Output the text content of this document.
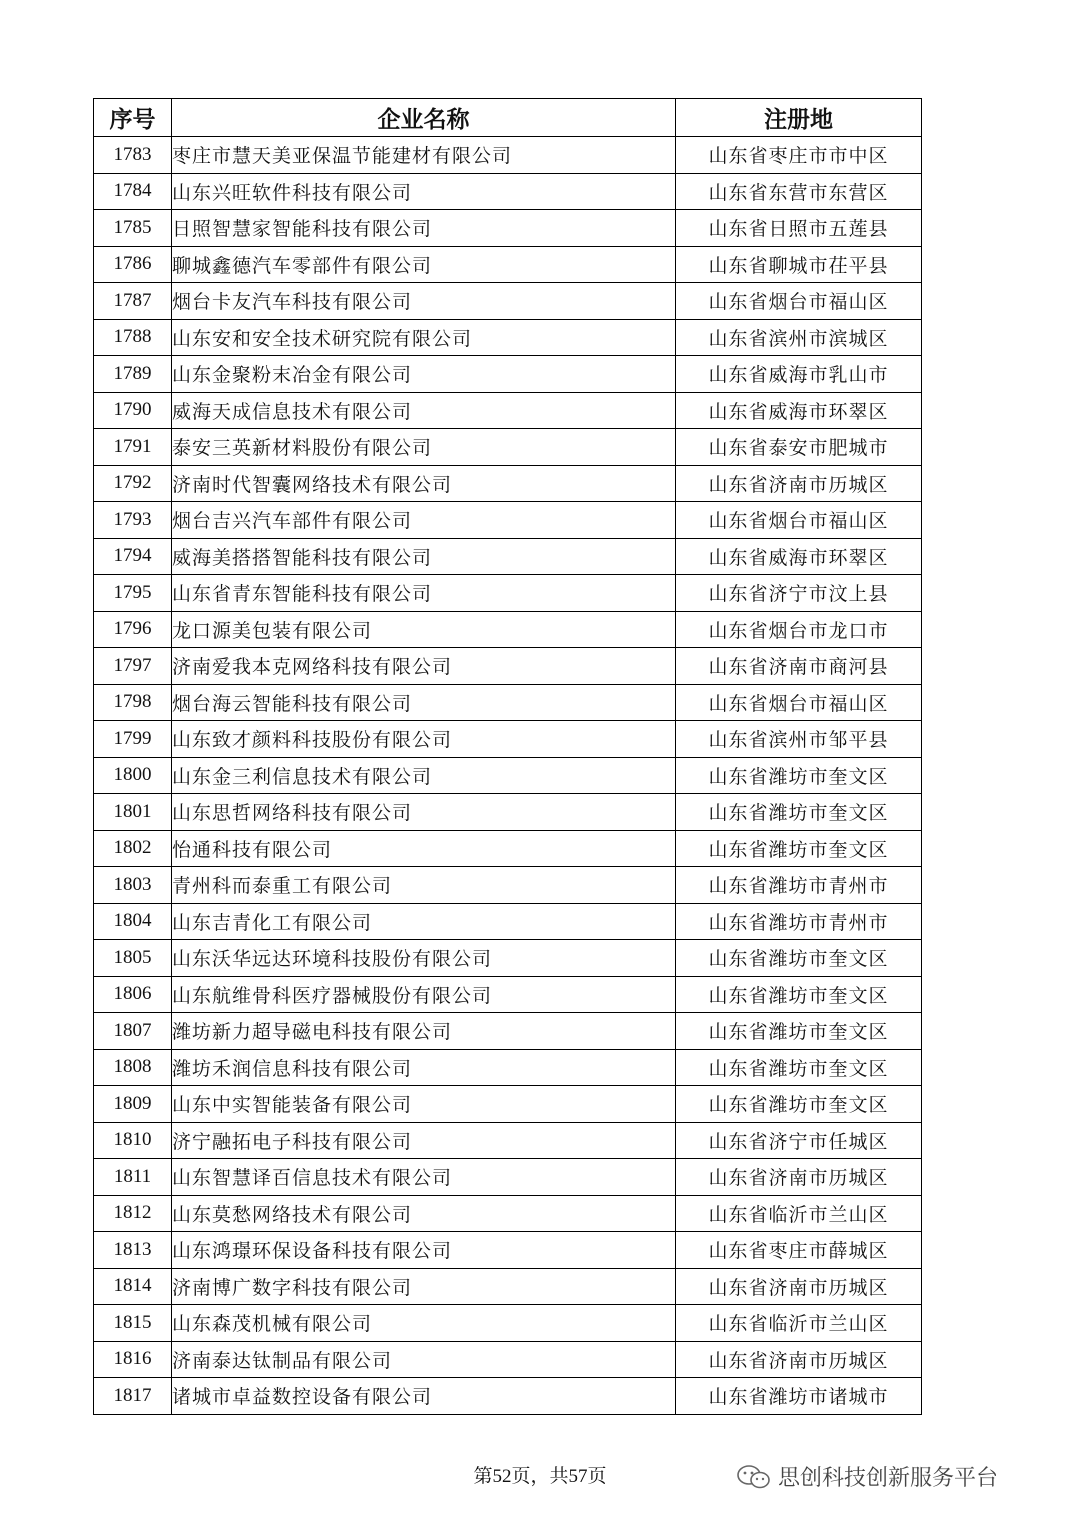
序号	企业名称	注册地
1783	枣庄市慧天美亚保温节能建材有限公司	山东省枣庄市市中区
1784	山东兴旺软件科技有限公司	山东省东营市东营区
1785	日照智慧家智能科技有限公司	山东省日照市五莲县
1786	聊城鑫德汽车零部件有限公司	山东省聊城市茌平县
1787	烟台卡友汽车科技有限公司	山东省烟台市福山区
1788	山东安和安全技术研究院有限公司	山东省滨州市滨城区
1789	山东金聚粉末冶金有限公司	山东省威海市乳山市
1790	威海天成信息技术有限公司	山东省威海市环翠区
1791	泰安三英新材料股份有限公司	山东省泰安市肥城市
1792	济南时代智囊网络技术有限公司	山东省济南市历城区
1793	烟台吉兴汽车部件有限公司	山东省烟台市福山区
1794	威海美搭搭智能科技有限公司	山东省威海市环翠区
1795	山东省青东智能科技有限公司	山东省济宁市汶上县
1796	龙口源美包装有限公司	山东省烟台市龙口市
1797	济南爱我本克网络科技有限公司	山东省济南市商河县
1798	烟台海云智能科技有限公司	山东省烟台市福山区
1799	山东致才颜料科技股份有限公司	山东省滨州市邹平县
1800	山东金三利信息技术有限公司	山东省潍坊市奎文区
1801	山东思哲网络科技有限公司	山东省潍坊市奎文区
1802	怡通科技有限公司	山东省潍坊市奎文区
1803	青州科而泰重工有限公司	山东省潍坊市青州市
1804	山东吉青化工有限公司	山东省潍坊市青州市
1805	山东沃华远达环境科技股份有限公司	山东省潍坊市奎文区
1806	山东航维骨科医疗器械股份有限公司	山东省潍坊市奎文区
1807	潍坊新力超导磁电科技有限公司	山东省潍坊市奎文区
1808	潍坊禾润信息科技有限公司	山东省潍坊市奎文区
1809	山东中实智能装备有限公司	山东省潍坊市奎文区
1810	济宁融拓电子科技有限公司	山东省济宁市任城区
1811	山东智慧译百信息技术有限公司	山东省济南市历城区
1812	山东莫愁网络技术有限公司	山东省临沂市兰山区
1813	山东鸿璟环保设备科技有限公司	山东省枣庄市薛城区
1814	济南博广数字科技有限公司	山东省济南市历城区
1815	山东森茂机械有限公司	山东省临沂市兰山区
1816	济南泰达钛制品有限公司	山东省济南市历城区
1817	诸城市卓益数控设备有限公司	山东省潍坊市诸城市
第52页，共57页	思创科技创新服务平台
